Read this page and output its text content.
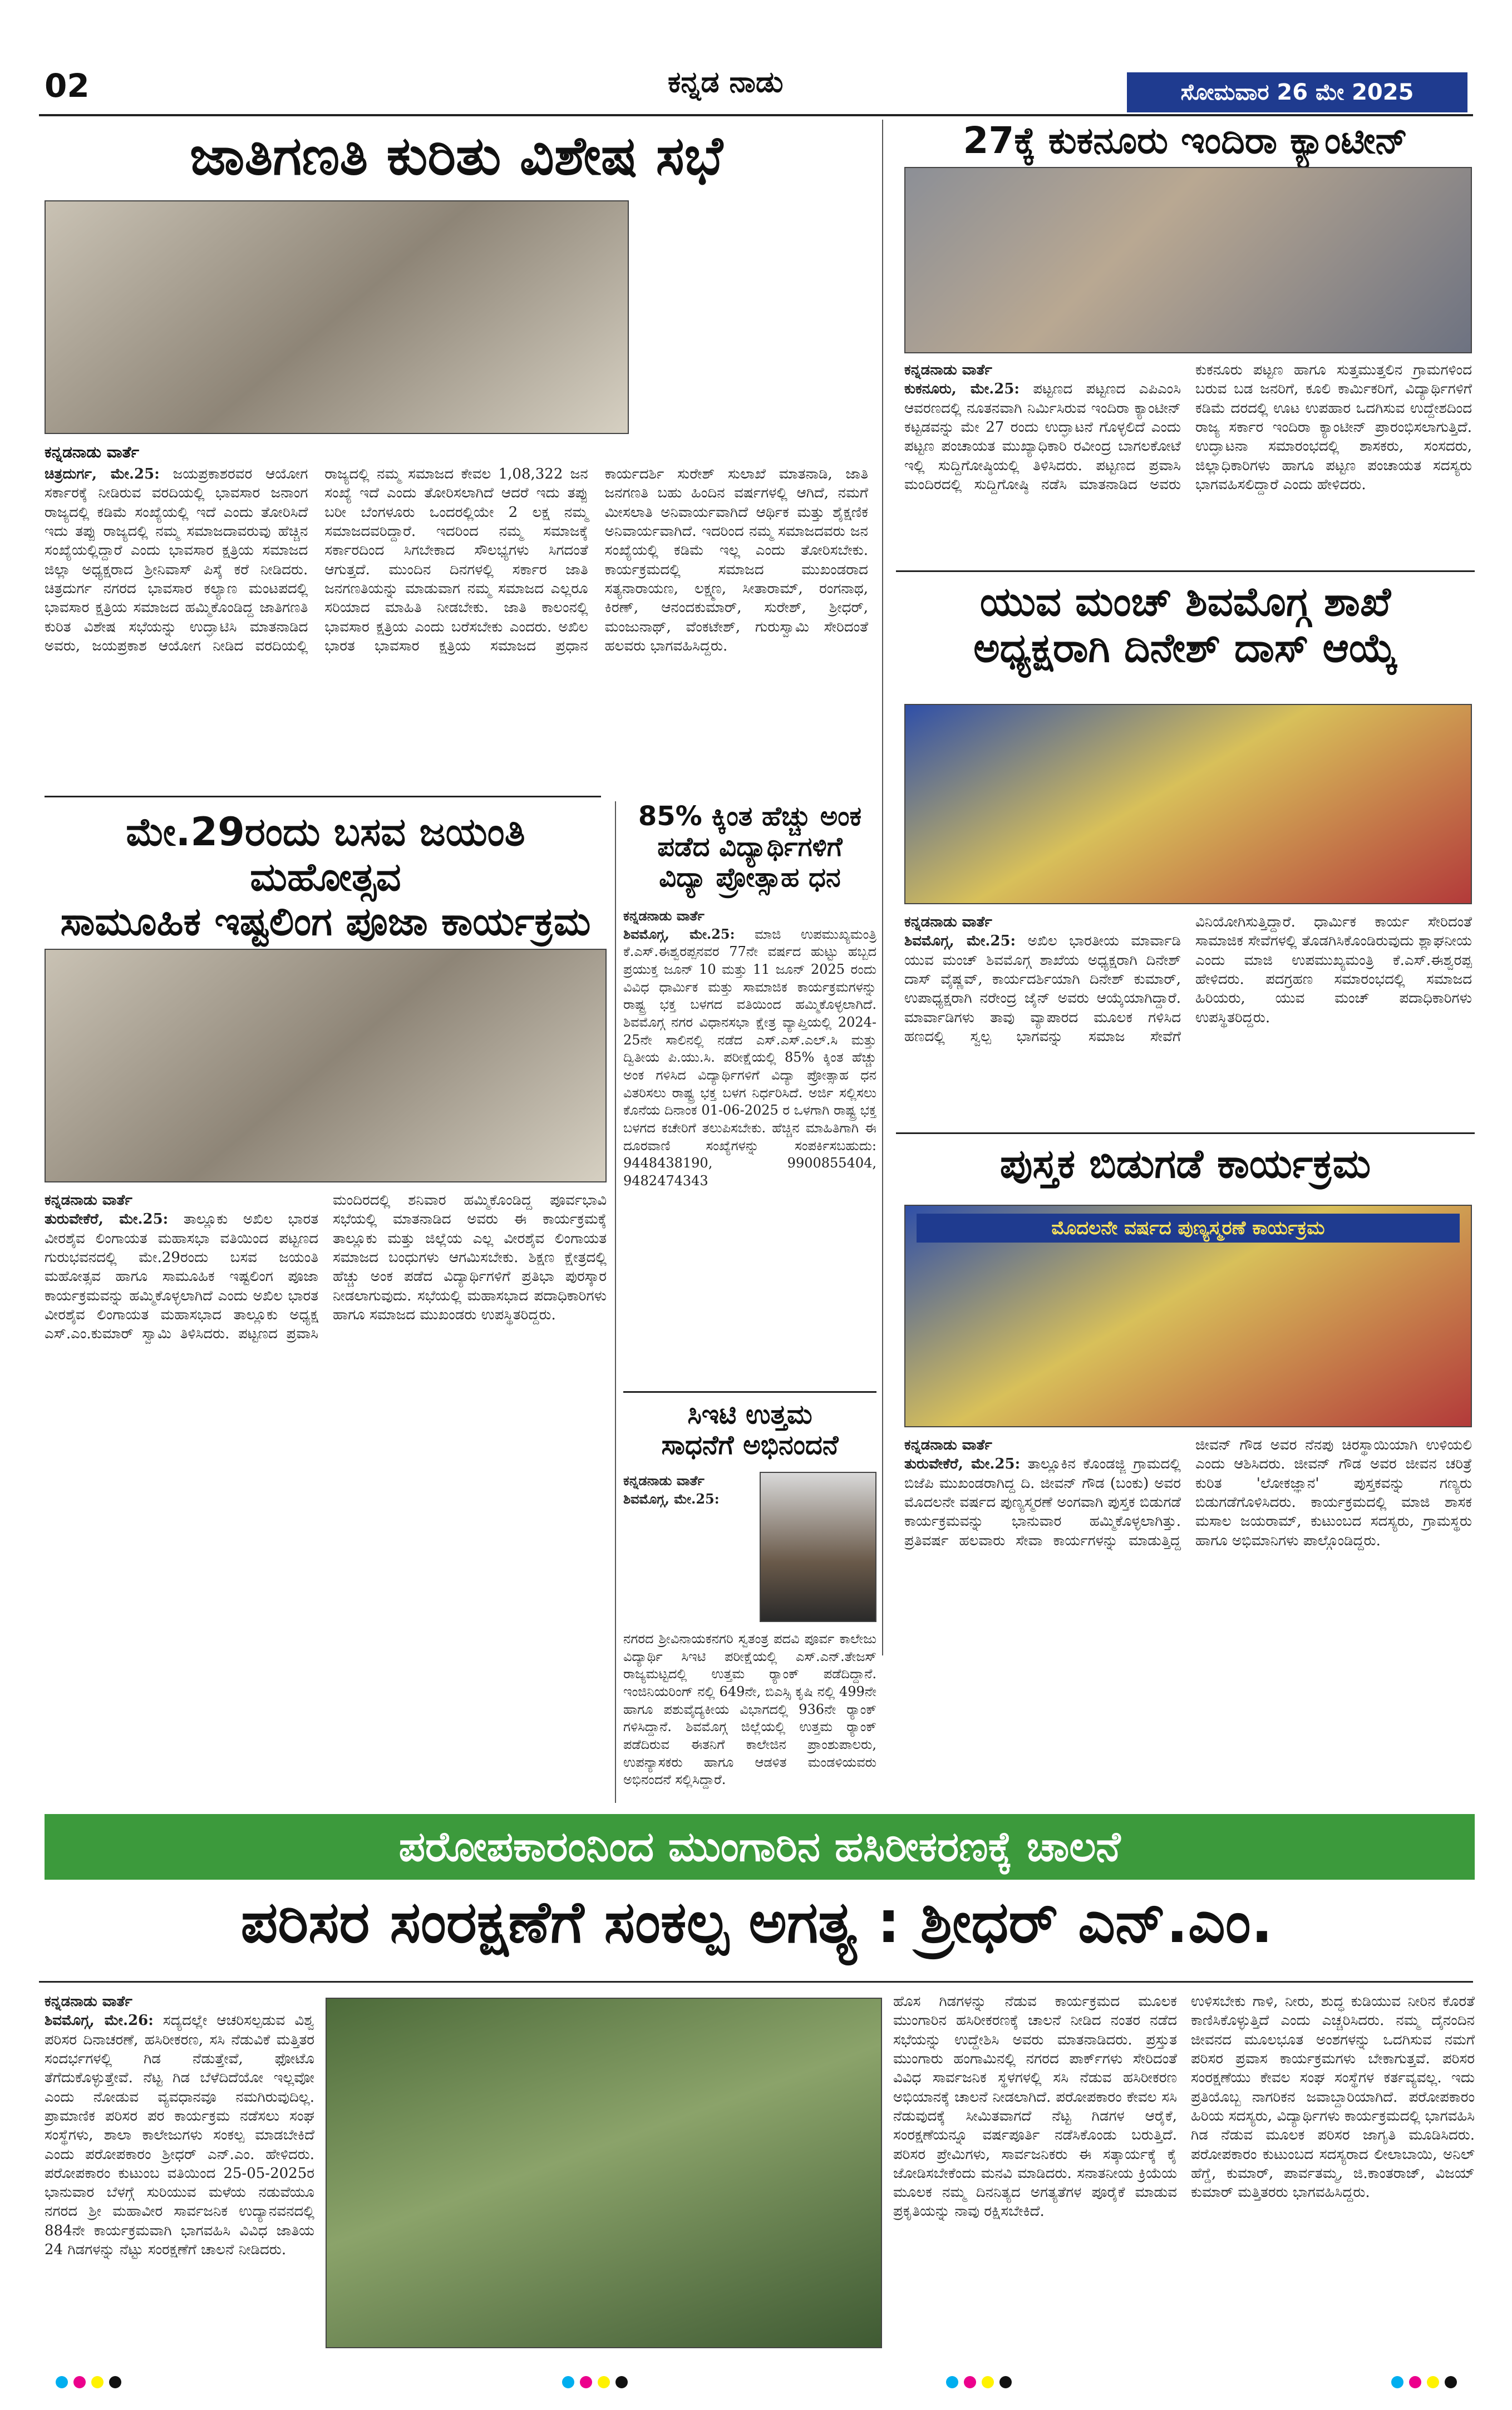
02	ಕನ್ನಡ ನಾಡು	ಸೋಮವಾರ 26 ಮೇ 2025
ಜಾತಿಗಣತಿ ಕುರಿತು ವಿಶೇಷ ಸಭೆ
ಕನ್ನಡನಾಡು ವಾರ್ತೆ
ಚಿತ್ರದುರ್ಗ, ಮೇ.25: ಜಯಪ್ರಕಾಶರವರ ಆಯೋಗ ಸರ್ಕಾರಕ್ಕೆ ನೀಡಿರುವ ವರದಿಯಲ್ಲಿ ಭಾವಸಾರ ಜನಾಂಗ ರಾಜ್ಯದಲ್ಲಿ ಕಡಿಮೆ ಸಂಖ್ಯೆಯಲ್ಲಿ ಇದೆ ಎಂದು ತೋರಿಸಿದೆ ಇದು ತಪ್ಪು ರಾಜ್ಯದಲ್ಲಿ ನಮ್ಮ ಸಮಾಜದಾವರುವು ಹೆಚ್ಚಿನ ಸಂಖ್ಯೆಯಲ್ಲಿದ್ದಾರೆ ಎಂದು ಭಾವಸಾರ ಕ್ಷತ್ರಿಯ ಸಮಾಜದ ಜಿಲ್ಲಾ ಅಧ್ಯಕ್ಷರಾದ ಶ್ರೀನಿವಾಸ್ ಪಿಸ್ಕೆ ಕರೆ ನೀಡಿದರು. ಚಿತ್ರದುರ್ಗ ನಗರದ ಭಾವಸಾರ ಕಲ್ಯಾಣ ಮಂಟಪದಲ್ಲಿ ಭಾವಸಾರ ಕ್ಷತ್ರಿಯ ಸಮಾಜದ ಹಮ್ಮಿಕೊಂಡಿದ್ದ ಜಾತಿಗಣತಿ ಕುರಿತ ವಿಶೇಷ ಸಭೆಯನ್ನು ಉದ್ಘಾಟಿಸಿ ಮಾತನಾಡಿದ ಅವರು, ಜಯಪ್ರಕಾಶ ಆಯೋಗ ನೀಡಿದ ವರದಿಯಲ್ಲಿ ರಾಜ್ಯದಲ್ಲಿ ನಮ್ಮ ಸಮಾಜದ ಕೇವಲ 1,08,322 ಜನ ಸಂಖ್ಯೆ ಇದೆ ಎಂದು ತೋರಿಸಲಾಗಿದೆ ಆದರೆ ಇದು ತಪ್ಪು ಬರೀ ಬೆಂಗಳೂರು ಒಂದರಲ್ಲಿಯೇ 2 ಲಕ್ಷ ನಮ್ಮ ಸಮಾಜದವರಿದ್ದಾರೆ. ಇದರಿಂದ ನಮ್ಮ ಸಮಾಜಕ್ಕೆ ಸರ್ಕಾರದಿಂದ ಸಿಗಬೇಕಾದ ಸೌಲಭ್ಯಗಳು ಸಿಗದಂತೆ ಆಗುತ್ತದೆ. ಮುಂದಿನ ದಿನಗಳಲ್ಲಿ ಸರ್ಕಾರ ಜಾತಿ ಜನಗಣತಿಯನ್ನು ಮಾಡುವಾಗ ನಮ್ಮ ಸಮಾಜದ ಎಲ್ಲರೂ ಸರಿಯಾದ ಮಾಹಿತಿ ನೀಡಬೇಕು. ಜಾತಿ ಕಾಲಂನಲ್ಲಿ ಭಾವಸಾರ ಕ್ಷತ್ರಿಯ ಎಂದು ಬರೆಸಬೇಕು ಎಂದರು. ಅಖಿಲ ಭಾರತ ಭಾವಸಾರ ಕ್ಷತ್ರಿಯ ಸಮಾಜದ ಪ್ರಧಾನ ಕಾರ್ಯದರ್ಶಿ ಸುರೇಶ್ ಸುಲಾಖೆ ಮಾತನಾಡಿ, ಜಾತಿ ಜನಗಣತಿ ಬಹು ಹಿಂದಿನ ವರ್ಷಗಳಲ್ಲಿ ಆಗಿದೆ, ನಮಗೆ ಮೀಸಲಾತಿ ಅನಿವಾರ್ಯವಾಗಿದೆ ಆರ್ಥಿಕ ಮತ್ತು ಶೈಕ್ಷಣಿಕ ಅನಿವಾರ್ಯವಾಗಿದೆ. ಇದರಿಂದ ನಮ್ಮ ಸಮಾಜದವರು ಜನ ಸಂಖ್ಯೆಯಲ್ಲಿ ಕಡಿಮೆ ಇಲ್ಲ ಎಂದು ತೋರಿಸಬೇಕು. ಕಾರ್ಯಕ್ರಮದಲ್ಲಿ ಸಮಾಜದ ಮುಖಂಡರಾದ ಸತ್ಯನಾರಾಯಣ, ಲಕ್ಷ್ಮಣ, ಸೀತಾರಾಮ್, ರಂಗನಾಥ, ಕಿರಣ್, ಆನಂದಕುಮಾರ್, ಸುರೇಶ್, ಶ್ರೀಧರ್, ಮಂಜುನಾಥ್, ವೆಂಕಟೇಶ್, ಗುರುಸ್ವಾಮಿ ಸೇರಿದಂತೆ ಹಲವರು ಭಾಗವಹಿಸಿದ್ದರು.
27ಕ್ಕೆ ಕುಕನೂರು ಇಂದಿರಾ ಕ್ಯಾಂಟೀನ್
ಕನ್ನಡನಾಡು ವಾರ್ತೆ
ಕುಕನೂರು, ಮೇ.25: ಪಟ್ಟಣದ ಪಟ್ಟಣದ ಎಪಿಎಂಸಿ ಆವರಣದಲ್ಲಿ ನೂತನವಾಗಿ ನಿರ್ಮಿಸಿರುವ ಇಂದಿರಾ ಕ್ಯಾಂಟೀನ್ ಕಟ್ಟಡವನ್ನು ಮೇ 27 ರಂದು ಉದ್ಘಾಟನೆ ಗೊಳ್ಳಲಿದೆ ಎಂದು ಪಟ್ಟಣ ಪಂಚಾಯತ ಮುಖ್ಯಾಧಿಕಾರಿ ರವೀಂದ್ರ ಬಾಗಲಕೋಟೆ ಇಲ್ಲಿ ಸುದ್ದಿಗೋಷ್ಠಿಯಲ್ಲಿ ತಿಳಿಸಿದರು. ಪಟ್ಟಣದ ಪ್ರವಾಸಿ ಮಂದಿರದಲ್ಲಿ ಸುದ್ದಿಗೋಷ್ಠಿ ನಡೆಸಿ ಮಾತನಾಡಿದ ಅವರು ಕುಕನೂರು ಪಟ್ಟಣ ಹಾಗೂ ಸುತ್ತಮುತ್ತಲಿನ ಗ್ರಾಮಗಳಿಂದ ಬರುವ ಬಡ ಜನರಿಗೆ, ಕೂಲಿ ಕಾರ್ಮಿಕರಿಗೆ, ವಿದ್ಯಾರ್ಥಿಗಳಿಗೆ ಕಡಿಮೆ ದರದಲ್ಲಿ ಊಟ ಉಪಹಾರ ಒದಗಿಸುವ ಉದ್ದೇಶದಿಂದ ರಾಜ್ಯ ಸರ್ಕಾರ ಇಂದಿರಾ ಕ್ಯಾಂಟೀನ್ ಪ್ರಾರಂಭಿಸಲಾಗುತ್ತಿದೆ. ಉದ್ಘಾಟನಾ ಸಮಾರಂಭದಲ್ಲಿ ಶಾಸಕರು, ಸಂಸದರು, ಜಿಲ್ಲಾಧಿಕಾರಿಗಳು ಹಾಗೂ ಪಟ್ಟಣ ಪಂಚಾಯತ ಸದಸ್ಯರು ಭಾಗವಹಿಸಲಿದ್ದಾರೆ ಎಂದು ಹೇಳಿದರು.
ಯುವ ಮಂಚ್ ಶಿವಮೊಗ್ಗ ಶಾಖೆ
ಅಧ್ಯಕ್ಷರಾಗಿ ದಿನೇಶ್ ದಾಸ್ ಆಯ್ಕೆ
ಕನ್ನಡನಾಡು ವಾರ್ತೆ
ಶಿವಮೊಗ್ಗ, ಮೇ.25: ಅಖಿಲ ಭಾರತೀಯ ಮಾರ್ವಾಡಿ ಯುವ ಮಂಚ್ ಶಿವಮೊಗ್ಗ ಶಾಖೆಯ ಅಧ್ಯಕ್ಷರಾಗಿ ದಿನೇಶ್ ದಾಸ್ ವೈಷ್ಣವ್, ಕಾರ್ಯದರ್ಶಿಯಾಗಿ ದಿನೇಶ್ ಕುಮಾರ್, ಉಪಾಧ್ಯಕ್ಷರಾಗಿ ನರೇಂದ್ರ ಜೈನ್ ಅವರು ಆಯ್ಕೆಯಾಗಿದ್ದಾರೆ. ಮಾರ್ವಾಡಿಗಳು ತಾವು ವ್ಯಾಪಾರದ ಮೂಲಕ ಗಳಿಸಿದ ಹಣದಲ್ಲಿ ಸ್ವಲ್ಪ ಭಾಗವನ್ನು ಸಮಾಜ ಸೇವೆಗೆ ವಿನಿಯೋಗಿಸುತ್ತಿದ್ದಾರೆ. ಧಾರ್ಮಿಕ ಕಾರ್ಯ ಸೇರಿದಂತೆ ಸಾಮಾಜಿಕ ಸೇವೆಗಳಲ್ಲಿ ತೊಡಗಿಸಿಕೊಂಡಿರುವುದು ಶ್ಲಾಘನೀಯ ಎಂದು ಮಾಜಿ ಉಪಮುಖ್ಯಮಂತ್ರಿ ಕೆ.ಎಸ್.ಈಶ್ವರಪ್ಪ ಹೇಳಿದರು. ಪದಗ್ರಹಣ ಸಮಾರಂಭದಲ್ಲಿ ಸಮಾಜದ ಹಿರಿಯರು, ಯುವ ಮಂಚ್ ಪದಾಧಿಕಾರಿಗಳು ಉಪಸ್ಥಿತರಿದ್ದರು.
ಪುಸ್ತಕ ಬಿಡುಗಡೆ ಕಾರ್ಯಕ್ರಮ
ಮೊದಲನೇ ವರ್ಷದ ಪುಣ್ಯಸ್ಮರಣೆ ಕಾರ್ಯಕ್ರಮ
ಕನ್ನಡನಾಡು ವಾರ್ತೆ
ತುರುವೇಕೆರೆ, ಮೇ.25: ತಾಲ್ಲೂಕಿನ ಕೊಂಡಜ್ಜಿ ಗ್ರಾಮದಲ್ಲಿ ಬಿಜೆಪಿ ಮುಖಂಡರಾಗಿದ್ದ ದಿ. ಜೀವನ್ ಗೌಡ (ಬಂಕು) ಅವರ ಮೊದಲನೇ ವರ್ಷದ ಪುಣ್ಯಸ್ಮರಣೆ ಅಂಗವಾಗಿ ಪುಸ್ತಕ ಬಿಡುಗಡೆ ಕಾರ್ಯಕ್ರಮವನ್ನು ಭಾನುವಾರ ಹಮ್ಮಿಕೊಳ್ಳಲಾಗಿತ್ತು. ಪ್ರತಿವರ್ಷ ಹಲವಾರು ಸೇವಾ ಕಾರ್ಯಗಳನ್ನು ಮಾಡುತ್ತಿದ್ದ ಜೀವನ್ ಗೌಡ ಅವರ ನೆನಪು ಚಿರಸ್ಥಾಯಿಯಾಗಿ ಉಳಿಯಲಿ ಎಂದು ಆಶಿಸಿದರು. ಜೀವನ್ ಗೌಡ ಅವರ ಜೀವನ ಚರಿತ್ರೆ ಕುರಿತ 'ಲೋಕಜ್ಞಾನ' ಪುಸ್ತಕವನ್ನು ಗಣ್ಯರು ಬಿಡುಗಡೆಗೊಳಿಸಿದರು. ಕಾರ್ಯಕ್ರಮದಲ್ಲಿ ಮಾಜಿ ಶಾಸಕ ಮಸಾಲ ಜಯರಾಮ್, ಕುಟುಂಬದ ಸದಸ್ಯರು, ಗ್ರಾಮಸ್ಥರು ಹಾಗೂ ಅಭಿಮಾನಿಗಳು ಪಾಲ್ಗೊಂಡಿದ್ದರು.
ಮೇ.29ರಂದು ಬಸವ ಜಯಂತಿ ಮಹೋತ್ಸವ
ಸಾಮೂಹಿಕ ಇಷ್ಟಲಿಂಗ ಪೂಜಾ ಕಾರ್ಯಕ್ರಮ
ಕನ್ನಡನಾಡು ವಾರ್ತೆ
ತುರುವೇಕೆರೆ, ಮೇ.25: ತಾಲ್ಲೂಕು ಅಖಿಲ ಭಾರತ ವೀರಶೈವ ಲಿಂಗಾಯತ ಮಹಾಸಭಾ ವತಿಯಿಂದ ಪಟ್ಟಣದ ಗುರುಭವನದಲ್ಲಿ ಮೇ.29ರಂದು ಬಸವ ಜಯಂತಿ ಮಹೋತ್ಸವ ಹಾಗೂ ಸಾಮೂಹಿಕ ಇಷ್ಟಲಿಂಗ ಪೂಜಾ ಕಾರ್ಯಕ್ರಮವನ್ನು ಹಮ್ಮಿಕೊಳ್ಳಲಾಗಿದೆ ಎಂದು ಅಖಿಲ ಭಾರತ ವೀರಶೈವ ಲಿಂಗಾಯತ ಮಹಾಸಭಾದ ತಾಲ್ಲೂಕು ಅಧ್ಯಕ್ಷ ಎಸ್.ಎಂ.ಕುಮಾರ್ ಸ್ವಾಮಿ ತಿಳಿಸಿದರು. ಪಟ್ಟಣದ ಪ್ರವಾಸಿ ಮಂದಿರದಲ್ಲಿ ಶನಿವಾರ ಹಮ್ಮಿಕೊಂಡಿದ್ದ ಪೂರ್ವಭಾವಿ ಸಭೆಯಲ್ಲಿ ಮಾತನಾಡಿದ ಅವರು ಈ ಕಾರ್ಯಕ್ರಮಕ್ಕೆ ತಾಲ್ಲೂಕು ಮತ್ತು ಜಿಲ್ಲೆಯ ಎಲ್ಲ ವೀರಶೈವ ಲಿಂಗಾಯತ ಸಮಾಜದ ಬಂಧುಗಳು ಆಗಮಿಸಬೇಕು. ಶಿಕ್ಷಣ ಕ್ಷೇತ್ರದಲ್ಲಿ ಹೆಚ್ಚು ಅಂಕ ಪಡೆದ ವಿದ್ಯಾರ್ಥಿಗಳಿಗೆ ಪ್ರತಿಭಾ ಪುರಸ್ಕಾರ ನೀಡಲಾಗುವುದು. ಸಭೆಯಲ್ಲಿ ಮಹಾಸಭಾದ ಪದಾಧಿಕಾರಿಗಳು ಹಾಗೂ ಸಮಾಜದ ಮುಖಂಡರು ಉಪಸ್ಥಿತರಿದ್ದರು.
85% ಕ್ಕಿಂತ ಹೆಚ್ಚು ಅಂಕ
ಪಡೆದ ವಿದ್ಯಾರ್ಥಿಗಳಿಗೆ
ವಿದ್ಯಾ ಪ್ರೋತ್ಸಾಹ ಧನ
ಕನ್ನಡನಾಡು ವಾರ್ತೆ
ಶಿವಮೊಗ್ಗ, ಮೇ.25: ಮಾಜಿ ಉಪಮುಖ್ಯಮಂತ್ರಿ ಕೆ.ಎಸ್.ಈಶ್ವರಪ್ಪನವರ 77ನೇ ವರ್ಷದ ಹುಟ್ಟು ಹಬ್ಬದ ಪ್ರಯುಕ್ತ ಜೂನ್ 10 ಮತ್ತು 11 ಜೂನ್ 2025 ರಂದು ವಿವಿಧ ಧಾರ್ಮಿಕ ಮತ್ತು ಸಾಮಾಜಿಕ ಕಾರ್ಯಕ್ರಮಗಳನ್ನು ರಾಷ್ಟ್ರ ಭಕ್ತ ಬಳಗದ ವತಿಯಿಂದ ಹಮ್ಮಿಕೊಳ್ಳಲಾಗಿದೆ. ಶಿವಮೊಗ್ಗ ನಗರ ವಿಧಾನಸಭಾ ಕ್ಷೇತ್ರ ವ್ಯಾಪ್ತಿಯಲ್ಲಿ 2024-25ನೇ ಸಾಲಿನಲ್ಲಿ ನಡೆದ ಎಸ್.ಎಸ್.ಎಲ್.ಸಿ ಮತ್ತು ದ್ವಿತೀಯ ಪಿ.ಯು.ಸಿ. ಪರೀಕ್ಷೆಯಲ್ಲಿ 85% ಕ್ಕಿಂತ ಹೆಚ್ಚು ಅಂಕ ಗಳಿಸಿದ ವಿದ್ಯಾರ್ಥಿಗಳಿಗೆ ವಿದ್ಯಾ ಪ್ರೋತ್ಸಾಹ ಧನ ವಿತರಿಸಲು ರಾಷ್ಟ್ರ ಭಕ್ತ ಬಳಗ ನಿರ್ಧರಿಸಿದೆ. ಅರ್ಜಿ ಸಲ್ಲಿಸಲು ಕೊನೆಯ ದಿನಾಂಕ 01-06-2025 ರ ಒಳಗಾಗಿ ರಾಷ್ಟ್ರ ಭಕ್ತ ಬಳಗದ ಕಚೇರಿಗೆ ತಲುಪಿಸಬೇಕು. ಹೆಚ್ಚಿನ ಮಾಹಿತಿಗಾಗಿ ಈ ದೂರವಾಣಿ ಸಂಖ್ಯೆಗಳನ್ನು ಸಂಪರ್ಕಿಸಬಹುದು: 9448438190, 9900855404, 9482474343
ಸಿಇಟಿ ಉತ್ತಮ
ಸಾಧನೆಗೆ ಅಭಿನಂದನೆ
ಕನ್ನಡನಾಡು ವಾರ್ತೆ
ಶಿವಮೊಗ್ಗ, ಮೇ.25:
ನಗರದ ಶ್ರೀವಿನಾಯಕನಗರಿ ಸ್ವತಂತ್ರ ಪದವಿ ಪೂರ್ವ ಕಾಲೇಜು ವಿದ್ಯಾರ್ಥಿ ಸಿಇಟಿ ಪರೀಕ್ಷೆಯಲ್ಲಿ ಎಸ್.ಎನ್.ತೇಜಸ್ ರಾಜ್ಯಮಟ್ಟದಲ್ಲಿ ಉತ್ತಮ ರ್‍ಯಾಂಕ್ ಪಡೆದಿದ್ದಾನೆ. ಇಂಜಿನಿಯರಿಂಗ್ ನಲ್ಲಿ 649ನೇ, ಬಿಎಸ್ಸಿ ಕೃಷಿ ನಲ್ಲಿ 499ನೇ ಹಾಗೂ ಪಶುವೈದ್ಯಕೀಯ ವಿಭಾಗದಲ್ಲಿ 936ನೇ ರ್‍ಯಾಂಕ್ ಗಳಿಸಿದ್ದಾನೆ. ಶಿವಮೊಗ್ಗ ಜಿಲ್ಲೆಯಲ್ಲಿ ಉತ್ತಮ ರ್‍ಯಾಂಕ್ ಪಡೆದಿರುವ ಈತನಿಗೆ ಕಾಲೇಜಿನ ಪ್ರಾಂಶುಪಾಲರು, ಉಪನ್ಯಾಸಕರು ಹಾಗೂ ಆಡಳಿತ ಮಂಡಳಿಯವರು ಅಭಿನಂದನೆ ಸಲ್ಲಿಸಿದ್ದಾರೆ.
ಪರೋಪಕಾರಂನಿಂದ ಮುಂಗಾರಿನ ಹಸಿರೀಕರಣಕ್ಕೆ ಚಾಲನೆ
ಪರಿಸರ ಸಂರಕ್ಷಣೆಗೆ ಸಂಕಲ್ಪ ಅಗತ್ಯ : ಶ್ರೀಧರ್ ಎನ್.ಎಂ.
ಕನ್ನಡನಾಡು ವಾರ್ತೆ
ಶಿವಮೊಗ್ಗ, ಮೇ.26: ಸದ್ಯದಲ್ಲೇ ಆಚರಿಸಲ್ಪಡುವ ವಿಶ್ವ ಪರಿಸರ ದಿನಾಚರಣೆ, ಹಸಿರೀಕರಣ, ಸಸಿ ನೆಡುವಿಕೆ ಮತ್ತಿತರ ಸಂದರ್ಭಗಳಲ್ಲಿ ಗಿಡ ನೆಡುತ್ತೇವೆ, ಫೋಟೊ ತೆಗೆದುಕೊಳ್ಳುತ್ತೇವೆ. ನೆಟ್ಟ ಗಿಡ ಬೆಳೆದಿದೆಯೋ ಇಲ್ಲವೋ ಎಂದು ನೋಡುವ ವ್ಯವಧಾನವೂ ನಮಗಿರುವುದಿಲ್ಲ. ಪ್ರಾಮಾಣಿಕ ಪರಿಸರ ಪರ ಕಾರ್ಯಕ್ರಮ ನಡೆಸಲು ಸಂಘ ಸಂಸ್ಥೆಗಳು, ಶಾಲಾ ಕಾಲೇಜುಗಳು ಸಂಕಲ್ಪ ಮಾಡಬೇಕಿದೆ ಎಂದು ಪರೋಪಕಾರಂ ಶ್ರೀಧರ್ ಎನ್.ಎಂ. ಹೇಳಿದರು. ಪರೋಪಕಾರಂ ಕುಟುಂಬ ವತಿಯಿಂದ 25-05-2025ರ ಭಾನುವಾರ ಬೆಳಗ್ಗೆ ಸುರಿಯುವ ಮಳೆಯ ನಡುವೆಯೂ ನಗರದ ಶ್ರೀ ಮಹಾವೀರ ಸಾರ್ವಜನಿಕ ಉದ್ಯಾನವನದಲ್ಲಿ 884ನೇ ಕಾರ್ಯಕ್ರಮವಾಗಿ ಭಾಗವಹಿಸಿ ವಿವಿಧ ಜಾತಿಯ 24 ಗಿಡಗಳನ್ನು ನೆಟ್ಟು ಸಂರಕ್ಷಣೆಗೆ ಚಾಲನೆ ನೀಡಿದರು.
ಹೊಸ ಗಿಡಗಳನ್ನು ನೆಡುವ ಕಾರ್ಯಕ್ರಮದ ಮೂಲಕ ಮುಂಗಾರಿನ ಹಸಿರೀಕರಣಕ್ಕೆ ಚಾಲನೆ ನೀಡಿದ ನಂತರ ನಡೆದ ಸಭೆಯನ್ನು ಉದ್ದೇಶಿಸಿ ಅವರು ಮಾತನಾಡಿದರು. ಪ್ರಸ್ತುತ ಮುಂಗಾರು ಹಂಗಾಮಿನಲ್ಲಿ ನಗರದ ಪಾರ್ಕ್‌ಗಳು ಸೇರಿದಂತೆ ವಿವಿಧ ಸಾರ್ವಜನಿಕ ಸ್ಥಳಗಳಲ್ಲಿ ಸಸಿ ನೆಡುವ ಹಸಿರೀಕರಣ ಅಭಿಯಾನಕ್ಕೆ ಚಾಲನೆ ನೀಡಲಾಗಿದೆ. ಪರೋಪಕಾರಂ ಕೇವಲ ಸಸಿ ನೆಡುವುದಕ್ಕೆ ಸೀಮಿತವಾಗದೆ ನೆಟ್ಟ ಗಿಡಗಳ ಆರೈಕೆ, ಸಂರಕ್ಷಣೆಯನ್ನೂ ವರ್ಷಪೂರ್ತಿ ನಡೆಸಿಕೊಂಡು ಬರುತ್ತಿದೆ. ಪರಿಸರ ಪ್ರೇಮಿಗಳು, ಸಾರ್ವಜನಿಕರು ಈ ಸತ್ಕಾರ್ಯಕ್ಕೆ ಕೈ ಜೋಡಿಸಬೇಕೆಂದು ಮನವಿ ಮಾಡಿದರು. ಸನಾತನೀಯ ಕ್ರಿಯೆಯ ಮೂಲಕ ನಮ್ಮ ದಿನನಿತ್ಯದ ಅಗತ್ಯತೆಗಳ ಪೂರೈಕೆ ಮಾಡುವ ಪ್ರಕೃತಿಯನ್ನು ನಾವು ರಕ್ಷಿಸಬೇಕಿದೆ.
ಉಳಿಸಬೇಕು ಗಾಳಿ, ನೀರು, ಶುದ್ಧ ಕುಡಿಯುವ ನೀರಿನ ಕೊರತೆ ಕಾಣಿಸಿಕೊಳ್ಳುತ್ತಿದೆ ಎಂದು ಎಚ್ಚರಿಸಿದರು. ನಮ್ಮ ದೈನಂದಿನ ಜೀವನದ ಮೂಲಭೂತ ಅಂಶಗಳನ್ನು ಒದಗಿಸುವ ನಮಗೆ ಪರಿಸರ ಪ್ರವಾಸ ಕಾರ್ಯಕ್ರಮಗಳು ಬೇಕಾಗುತ್ತವೆ. ಪರಿಸರ ಸಂರಕ್ಷಣೆಯು ಕೇವಲ ಸಂಘ ಸಂಸ್ಥೆಗಳ ಕರ್ತವ್ಯವಲ್ಲ. ಇದು ಪ್ರತಿಯೊಬ್ಬ ನಾಗರಿಕನ ಜವಾಬ್ದಾರಿಯಾಗಿದೆ. ಪರೋಪಕಾರಂ ಹಿರಿಯ ಸದಸ್ಯರು, ವಿದ್ಯಾರ್ಥಿಗಳು ಕಾರ್ಯಕ್ರಮದಲ್ಲಿ ಭಾಗವಹಿಸಿ ಗಿಡ ನೆಡುವ ಮೂಲಕ ಪರಿಸರ ಜಾಗೃತಿ ಮೂಡಿಸಿದರು. ಪರೋಪಕಾರಂ ಕುಟುಂಬದ ಸದಸ್ಯರಾದ ಲೀಲಾಬಾಯಿ, ಅನಿಲ್ ಹೆಗ್ಡೆ, ಕುಮಾರ್, ಪಾರ್ವತಮ್ಮ, ಜಿ.ಕಾಂತರಾಜ್, ವಿಜಯ್ ಕುಮಾರ್ ಮತ್ತಿತರರು ಭಾಗವಹಿಸಿದ್ದರು.
